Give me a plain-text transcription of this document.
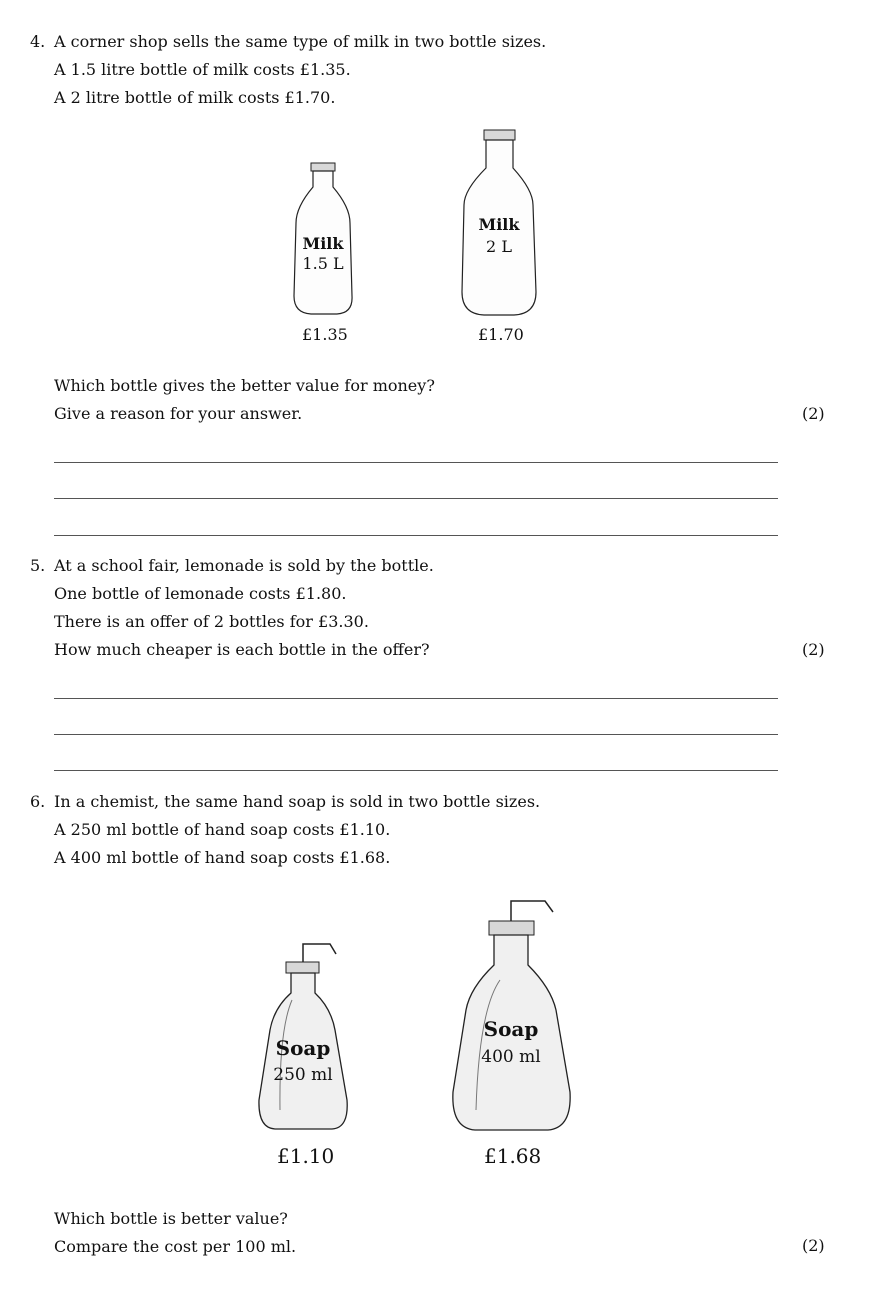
4. A corner shop sells the same type of milk in two bottle sizes.
A 1.5 litre bottle of milk costs £1.35.
A 2 litre bottle of milk costs £1.70.
Milk
1.5 L
£1.35
Milk
2 L
£1.70
Which bottle gives the better value for money?
Give a reason for your answer.	(2)
5. At a school fair, lemonade is sold by the bottle.
One bottle of lemonade costs £1.80.
There is an offer of 2 bottles for £3.30.
How much cheaper is each bottle in the offer?	(2)
6. In a chemist, the same hand soap is sold in two bottle sizes.
A 250 ml bottle of hand soap costs £1.10.
A 400 ml bottle of hand soap costs £1.68.
Soap
250 ml
£1.10
Soap
400 ml
£1.68
Which bottle is better value?
Compare the cost per 100 ml.	(2)
